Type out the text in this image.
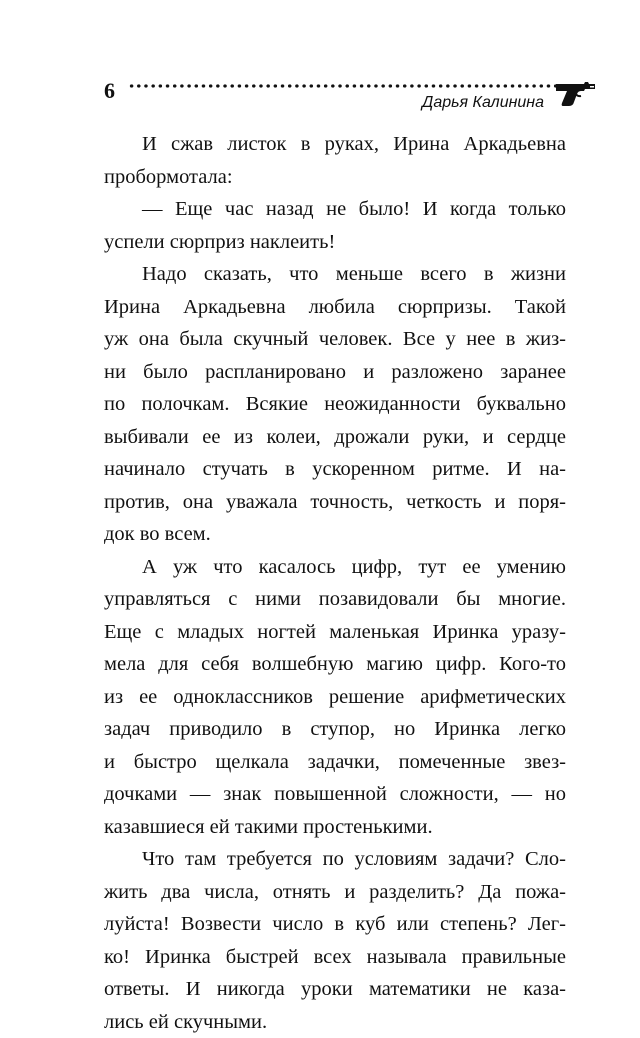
6	Дарья Калинина
И сжав листок в руках, Ирина Аркадьевна
пробормотала:
— Еще час назад не было! И когда только
успели сюрприз наклеить!
Надо сказать, что меньше всего в жизни
Ирина Аркадьевна любила сюрпризы. Такой
уж она была скучный человек. Все у нее в жиз-
ни было распланировано и разложено заранее
по полочкам. Всякие неожиданности буквально
выбивали ее из колеи, дрожали руки, и сердце
начинало стучать в ускоренном ритме. И на-
против, она уважала точность, четкость и поря-
док во всем.
А уж что касалось цифр, тут ее умению
управляться с ними позавидовали бы многие.
Еще с младых ногтей маленькая Иринка уразу-
мела для себя волшебную магию цифр. Кого-то
из ее одноклассников решение арифметических
задач приводило в ступор, но Иринка легко
и быстро щелкала задачки, помеченные звез-
дочками — знак повышенной сложности, — но
казавшиеся ей такими простенькими.
Что там требуется по условиям задачи? Сло-
жить два числа, отнять и разделить? Да пожа-
луйста! Возвести число в куб или степень? Лег-
ко! Иринка быстрей всех называла правильные
ответы. И никогда уроки математики не каза-
лись ей скучными.
